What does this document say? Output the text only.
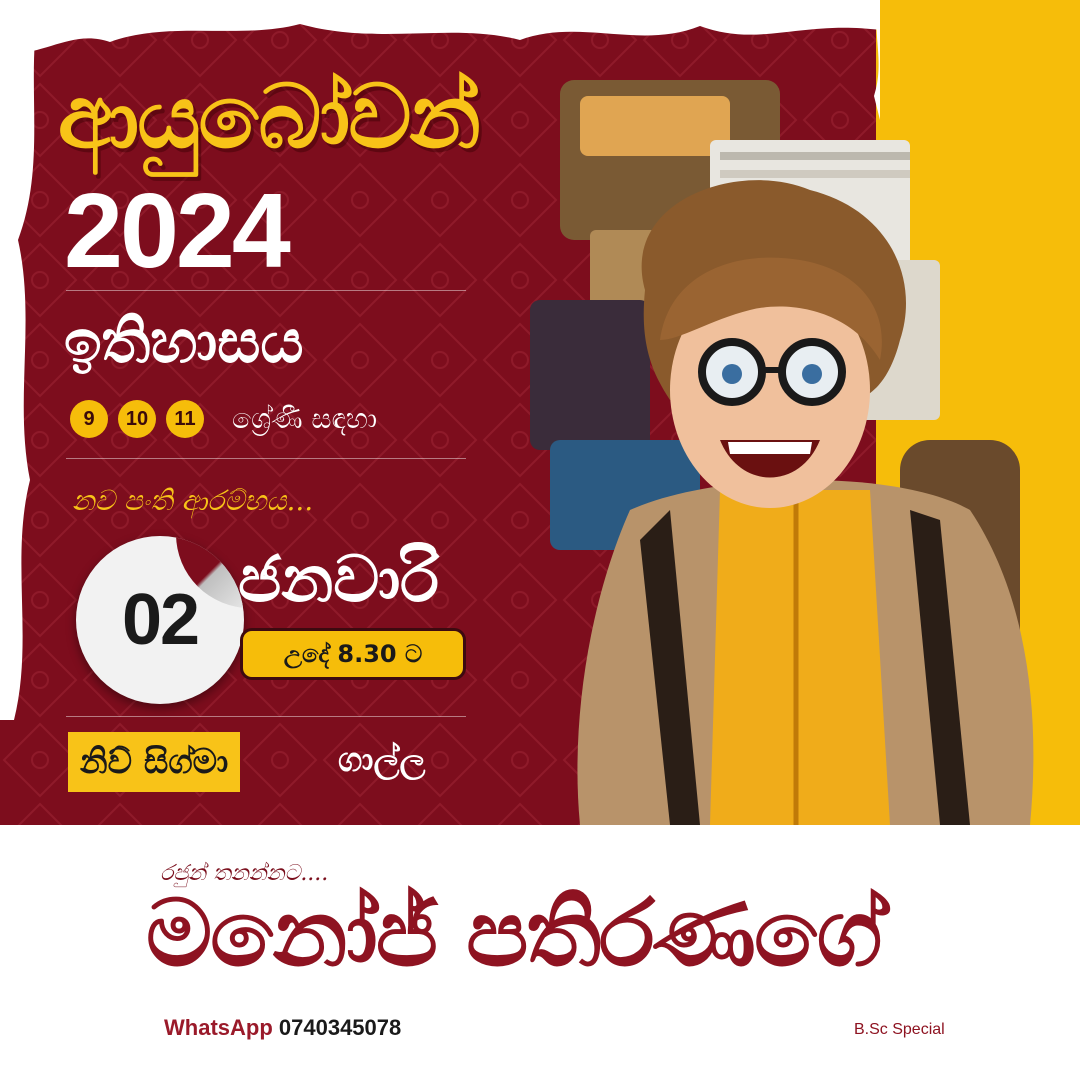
ආයුබෝවන්
2024
ඉතිහාසය
9	10	11	ශ්‍රේණී සඳහා
නව පංති ආරම්භය...
02
ජනවාරි
උදේ 8.30 ට
නිව් සිග්මා	ගාල්ල
රජුන් තනන්නට....
මනෝජ් පතිරණගේ
WhatsApp 0740345078	B.Sc Special
